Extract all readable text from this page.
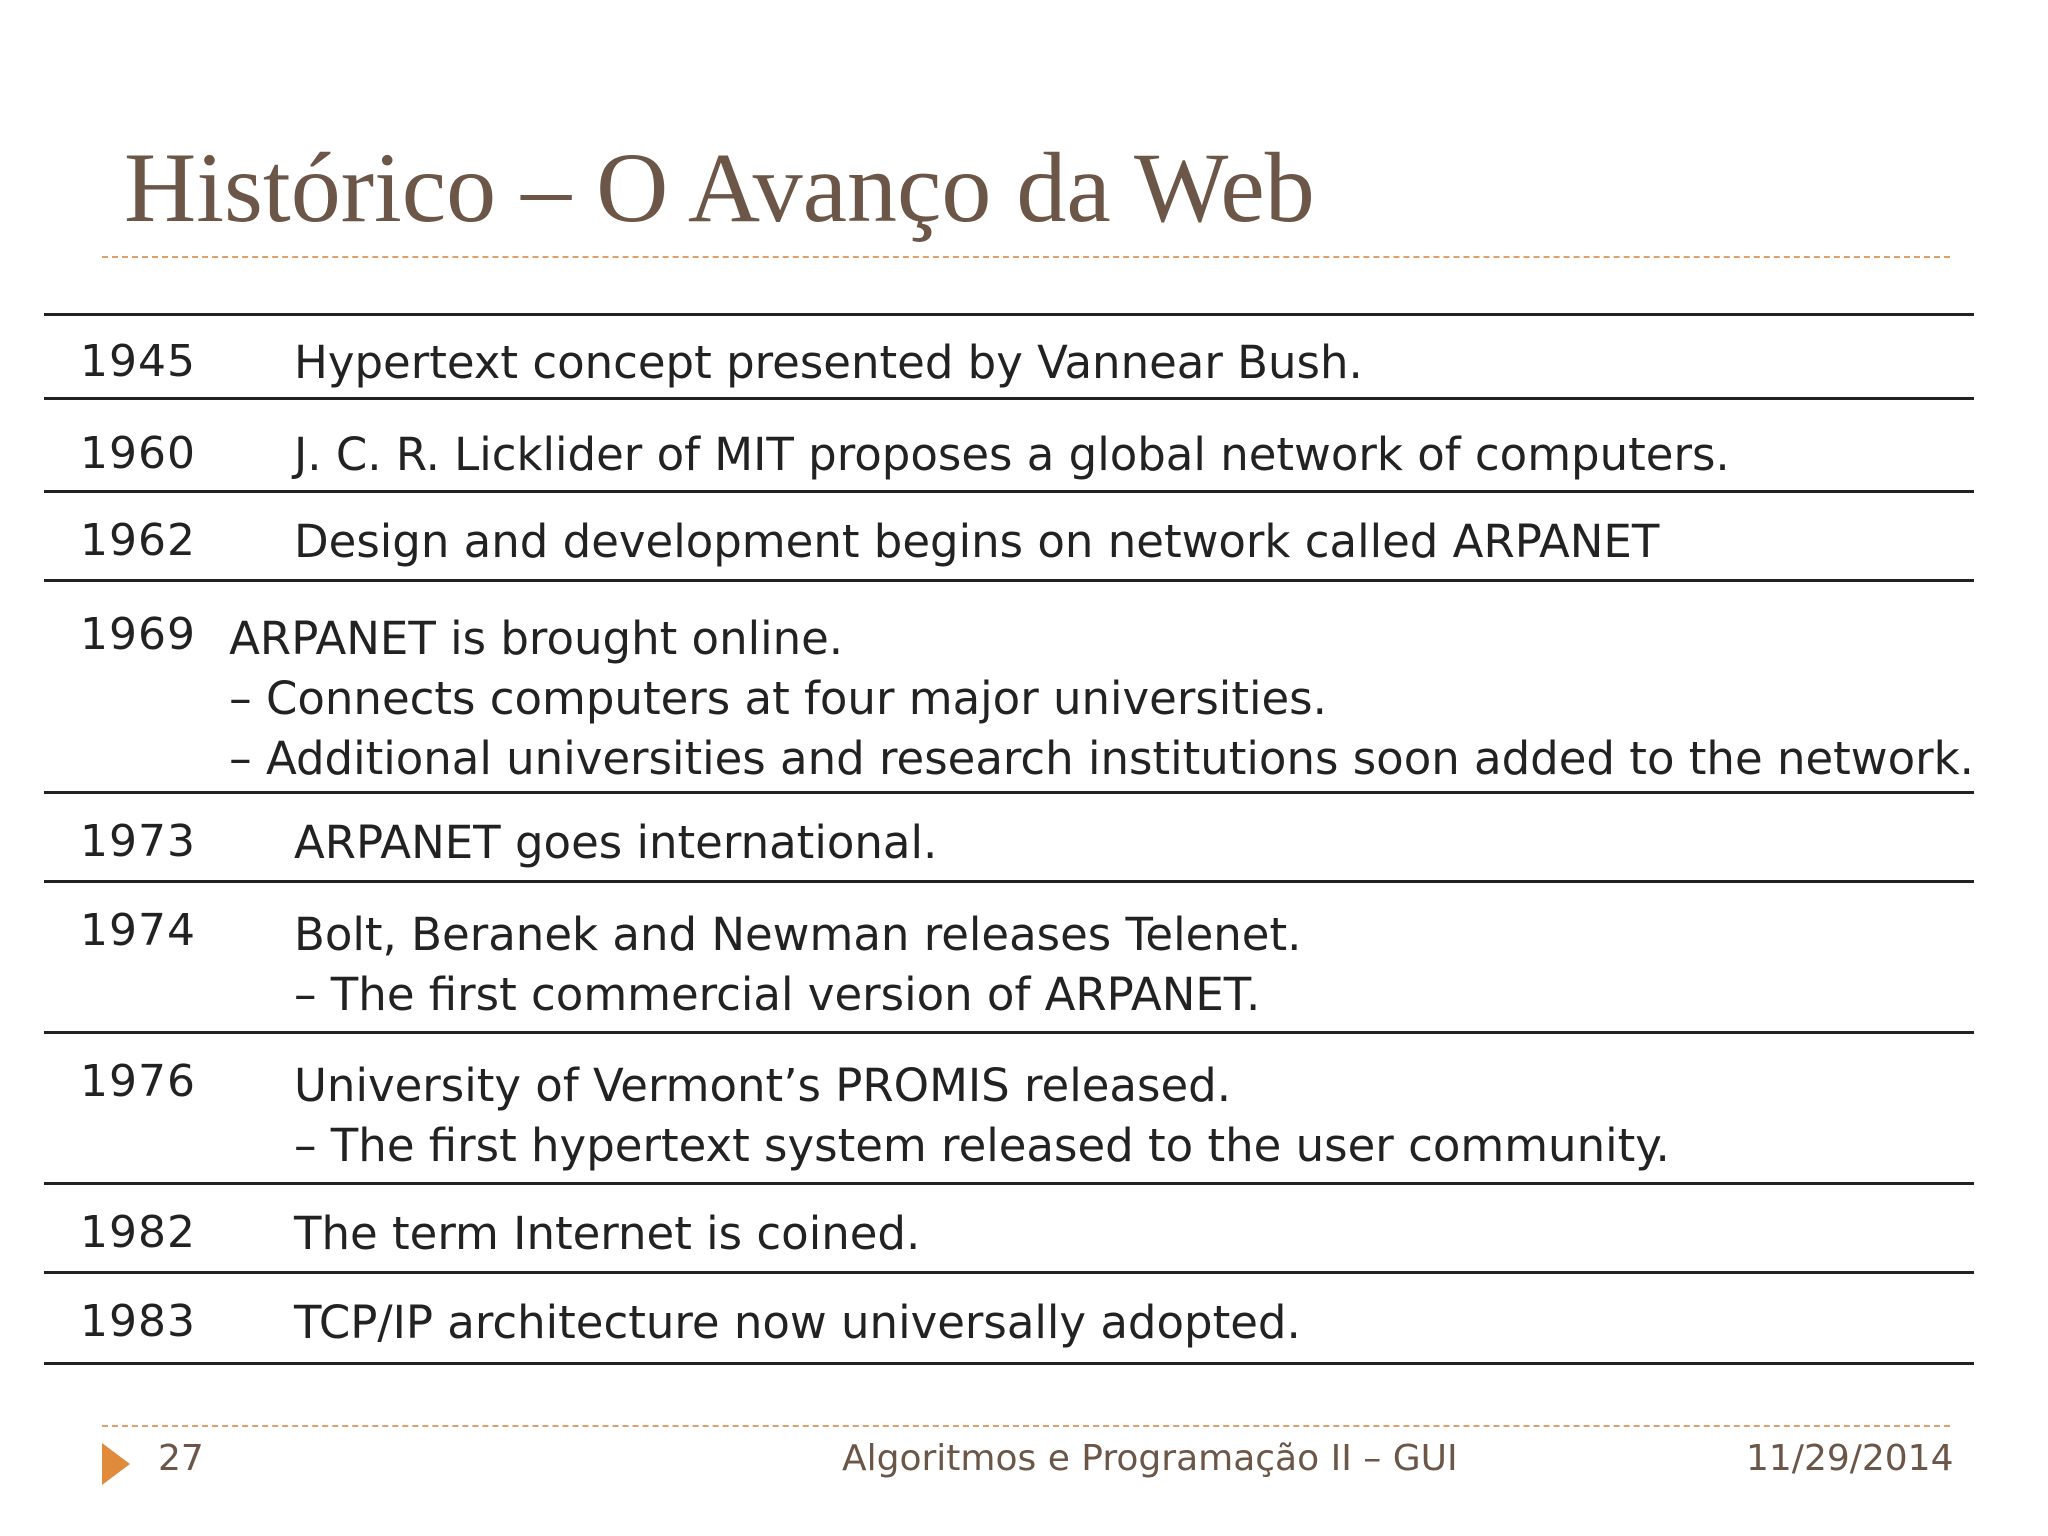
Histórico – O Avanço da Web
1945	Hypertext concept presented by Vannear Bush.
1960	J. C. R. Licklider of MIT proposes a global network of computers.
1962	Design and development begins on network called ARPANET
1969 ARPANET is brought online.
– Connects computers at four major universities.
– Additional universities and research institutions soon added to the network.
1973	ARPANET goes international.
1974	Bolt, Beranek and Newman releases Telenet.
– The first commercial version of ARPANET.
1976	University of Vermont’s PROMIS released.
– The first hypertext system released to the user community.
1982	The term Internet is coined.
1983	TCP/IP architecture now universally adopted.
27	Algoritmos e Programação II – GUI	11/29/2014
